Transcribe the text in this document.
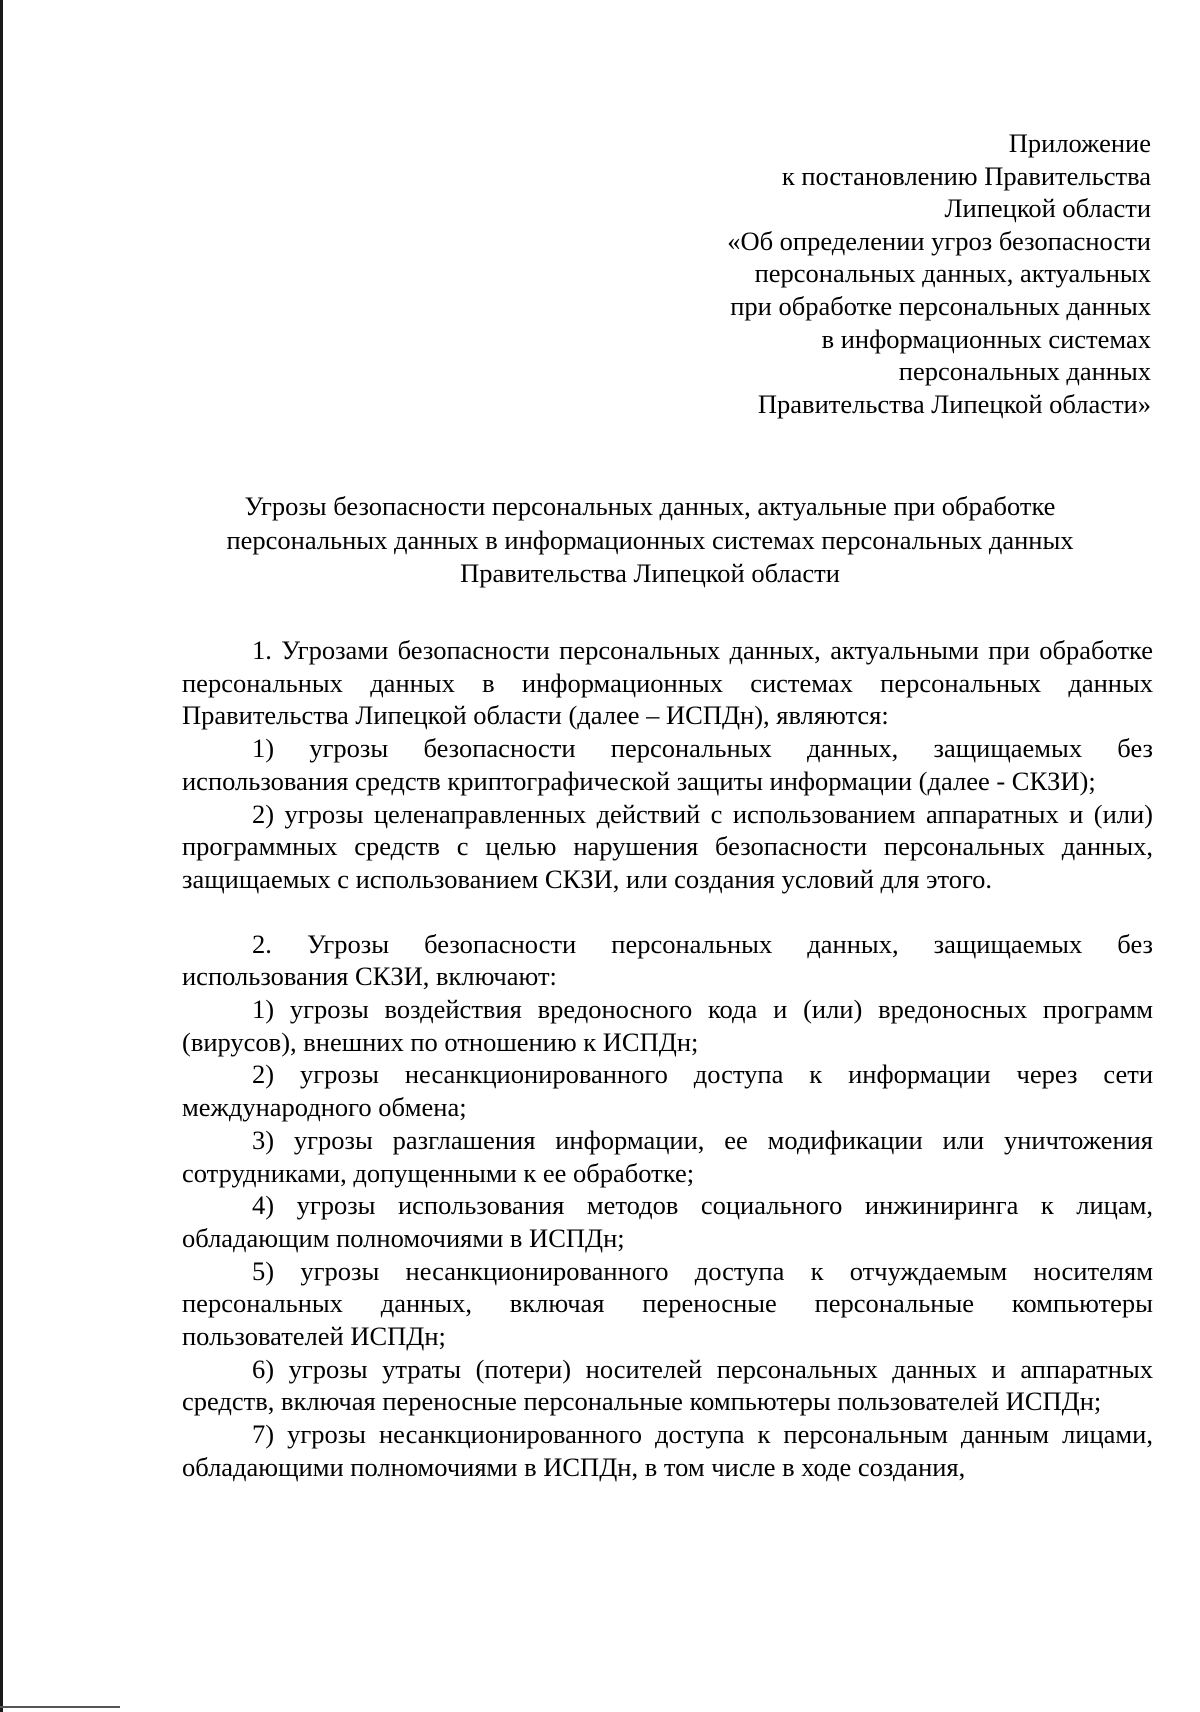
Приложение
к постановлению Правительства
Липецкой области
«Об определении угроз безопасности
персональных данных, актуальных
при обработке персональных данных
в информационных системах
персональных данных
Правительства Липецкой области»
Угрозы безопасности персональных данных, актуальные при обработке
персональных данных в информационных системах персональных данных
Правительства Липецкой области

1. Угрозами безопасности персональных данных, актуальными при обработке персональных данных в информационных системах персональных данных Правительства Липецкой области (далее – ИСПДн), являются:

1) угрозы безопасности персональных данных, защищаемых без использования средств криптографической защиты информации (далее - СКЗИ);

2) угрозы целенаправленных действий с использованием аппаратных и (или) программных средств с целью нарушения безопасности персональных данных, защищаемых с использованием СКЗИ, или создания условий для этого.

2. Угрозы безопасности персональных данных, защищаемых без использования СКЗИ, включают:

1) угрозы воздействия вредоносного кода и (или) вредоносных программ (вирусов), внешних по отношению к ИСПДн;

2) угрозы несанкционированного доступа к информации через сети международного обмена;

3) угрозы разглашения информации, ее модификации или уничтожения сотрудниками, допущенными к ее обработке;

4) угрозы использования методов социального инжиниринга к лицам, обладающим полномочиями в ИСПДн;

5) угрозы несанкционированного доступа к отчуждаемым носителям персональных данных, включая переносные персональные компьютеры пользователей ИСПДн;

6) угрозы утраты (потери) носителей персональных данных и аппаратных средств, включая переносные персональные компьютеры пользователей ИСПДн;

7) угрозы несанкционированного доступа к персональным данным лицами, обладающими полномочиями в ИСПДн, в том числе в ходе создания,
